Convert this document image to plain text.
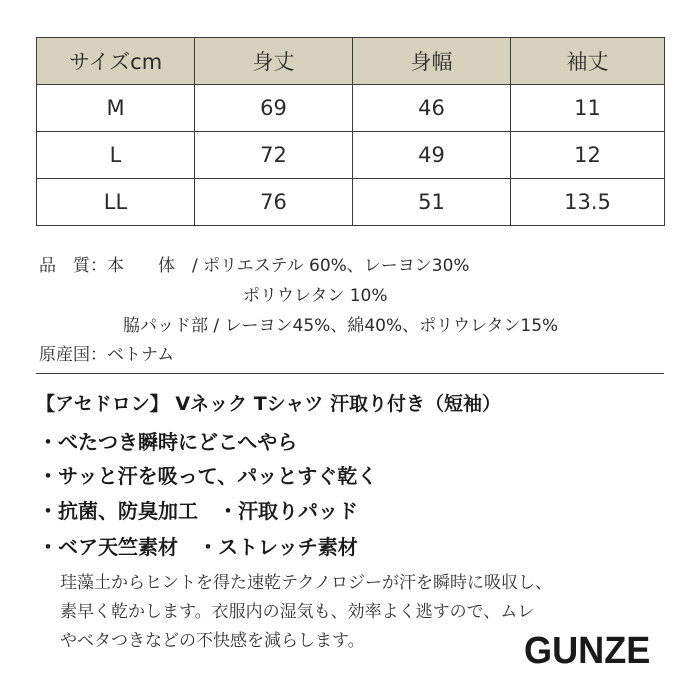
サイズcm	身丈	身幅	袖丈
M	69	46	11
L	72	49	12
LL	76	51	13.5
品　質：本　　体　/ ポリエステル 60%、レーヨン30%
ポリウレタン 10%
脇パッド部 / レーヨン45%、綿40%、ポリウレタン15%
原産国：ベトナム
【アセドロン】 Vネック Tシャツ 汗取り付き（短袖）
・べたつき瞬時にどこへやら
・サッと汗を吸って、パッとすぐ乾く
・抗菌、防臭加工　・汗取りパッド
・ベア天竺素材　・ストレッチ素材
珪藻土からヒントを得た速乾テクノロジーが汗を瞬時に吸収し、
素早く乾かします。衣服内の湿気も、効率よく逃すので、ムレ
やベタつきなどの不快感を減らします。	GUNZE
